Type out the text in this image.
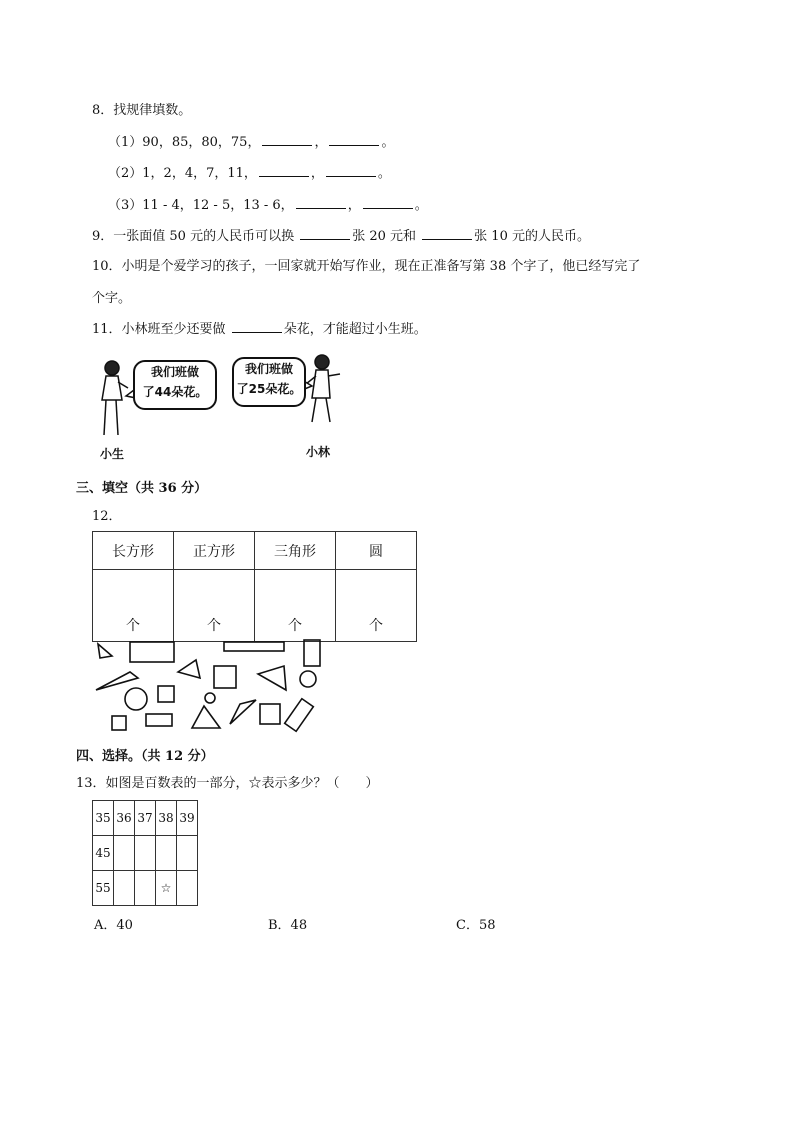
8．找规律填数。
（1）90，85，80，75，	，	。
（2）1，2，4，7，11，	，	。
（3）11 - 4，12 - 5，13 - 6，	，	。
9．一张面值 50 元的人民币可以换	张 20 元和	张 10 元的人民币。
10．小明是个爱学习的孩子，一回家就开始写作业，现在正准备写第 38 个字了，他已经写完了
个字。
11．小林班至少还要做	朵花，才能超过小生班。
我们班做
了44朵花。
我们班做
了25朵花。
小生	小林
三、填空（共 36 分）
12．
长方形	正方形	三角形	圆
个	个	个	个
四、选择。（共 12 分）
13．如图是百数表的一部分，☆表示多少？（　　）
35	36	37	38	39
45				
55			☆	
A．40	B．48	C．58
